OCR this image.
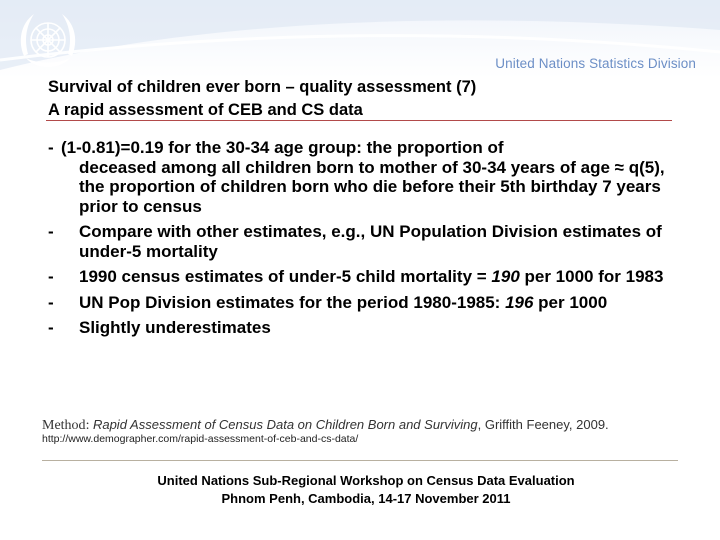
United Nations Statistics Division
Survival of children ever born – quality assessment (7)
A rapid assessment of CEB and CS data
- (1-0.81)=0.19 for the 30-34 age group: the proportion of
deceased among all children born to mother of 30-34 years of age ≈ q(5), the proportion of children born who die before their 5th birthday 7 years prior to census
-	Compare with other estimates, e.g., UN Population Division estimates of under-5 mortality
-	1990 census estimates of under-5 child mortality = 190 per 1000 for 1983
-	UN Pop Division estimates for the period 1980-1985: 196 per 1000
-	Slightly underestimates
Method: Rapid Assessment of Census Data on Children Born and Surviving, Griffith Feeney, 2009.
http://www.demographer.com/rapid-assessment-of-ceb-and-cs-data/
United Nations Sub-Regional Workshop on Census Data Evaluation
Phnom Penh, Cambodia, 14-17 November 2011
